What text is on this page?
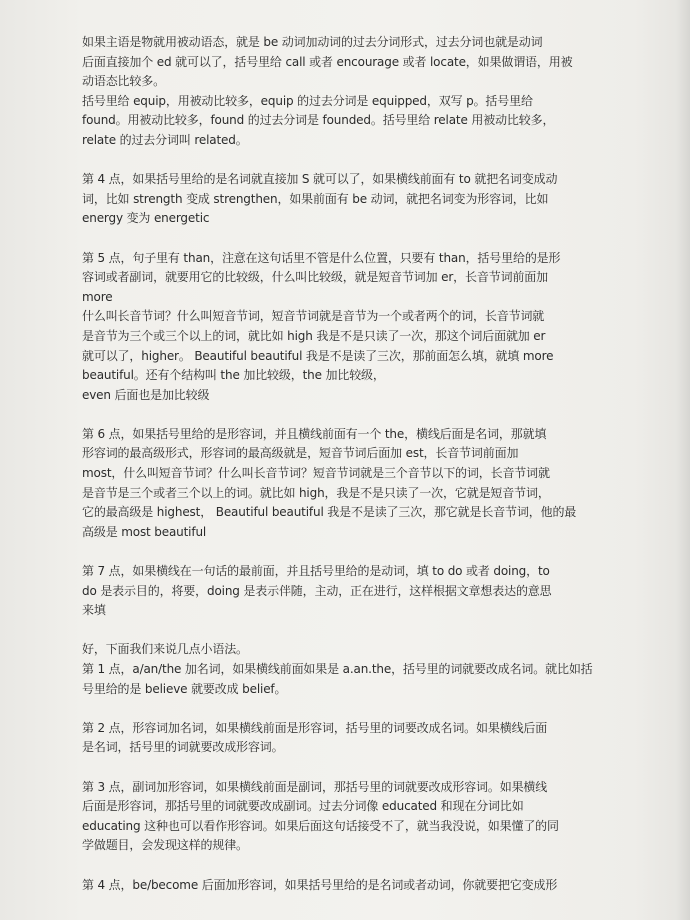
如果主语是物就用被动语态，就是 be 动词加动词的过去分词形式，过去分词也就是动词

后面直接加个 ed 就可以了，括号里给 call 或者 encourage 或者 locate，如果做谓语，用被

动语态比较多。

括号里给 equip，用被动比较多，equip 的过去分词是 equipped，双写 p。括号里给

found。用被动比较多，found 的过去分词是 founded。括号里给 relate 用被动比较多，

relate 的过去分词叫 related。

第 4 点，如果括号里给的是名词就直接加 S 就可以了，如果横线前面有 to 就把名词变成动

词，比如 strength 变成 strengthen，如果前面有 be 动词，就把名词变为形容词，比如

energy 变为 energetic

第 5 点，句子里有 than，注意在这句话里不管是什么位置，只要有 than，括号里给的是形

容词或者副词，就要用它的比较级，什么叫比较级，就是短音节词加 er，长音节词前面加

more

什么叫长音节词？什么叫短音节词，短音节词就是音节为一个或者两个的词，长音节词就

是音节为三个或三个以上的词，就比如 high 我是不是只读了一次，那这个词后面就加 er

就可以了，higher。 Beautiful beautiful 我是不是读了三次，那前面怎么填，就填 more

beautiful。还有个结构叫 the 加比较级，the 加比较级，

even 后面也是加比较级

第 6 点，如果括号里给的是形容词，并且横线前面有一个 the，横线后面是名词，那就填

形容词的最高级形式，形容词的最高级就是，短音节词后面加 est，长音节词前面加

most，什么叫短音节词？什么叫长音节词？短音节词就是三个音节以下的词，长音节词就

是音节是三个或者三个以上的词。就比如 high，我是不是只读了一次，它就是短音节词，

它的最高级是 highest， Beautiful beautiful 我是不是读了三次，那它就是长音节词，他的最

高级是 most beautiful

第 7 点，如果横线在一句话的最前面，并且括号里给的是动词，填 to do 或者 doing，to

do 是表示目的，将要，doing 是表示伴随，主动，正在进行，这样根据文章想表达的意思

来填

好，下面我们来说几点小语法。

第 1 点，a/an/the 加名词，如果横线前面如果是 a.an.the，括号里的词就要改成名词。就比如括

号里给的是 believe 就要改成 belief。

第 2 点，形容词加名词，如果横线前面是形容词，括号里的词要改成名词。如果横线后面

是名词，括号里的词就要改成形容词。

第 3 点，副词加形容词，如果横线前面是副词，那括号里的词就要改成形容词。如果横线

后面是形容词，那括号里的词就要改成副词。过去分词像 educated 和现在分词比如

educating 这种也可以看作形容词。如果后面这句话接受不了，就当我没说，如果懂了的同

学做题目，会发现这样的规律。

第 4 点，be/become 后面加形容词，如果括号里给的是名词或者动词，你就要把它变成形
